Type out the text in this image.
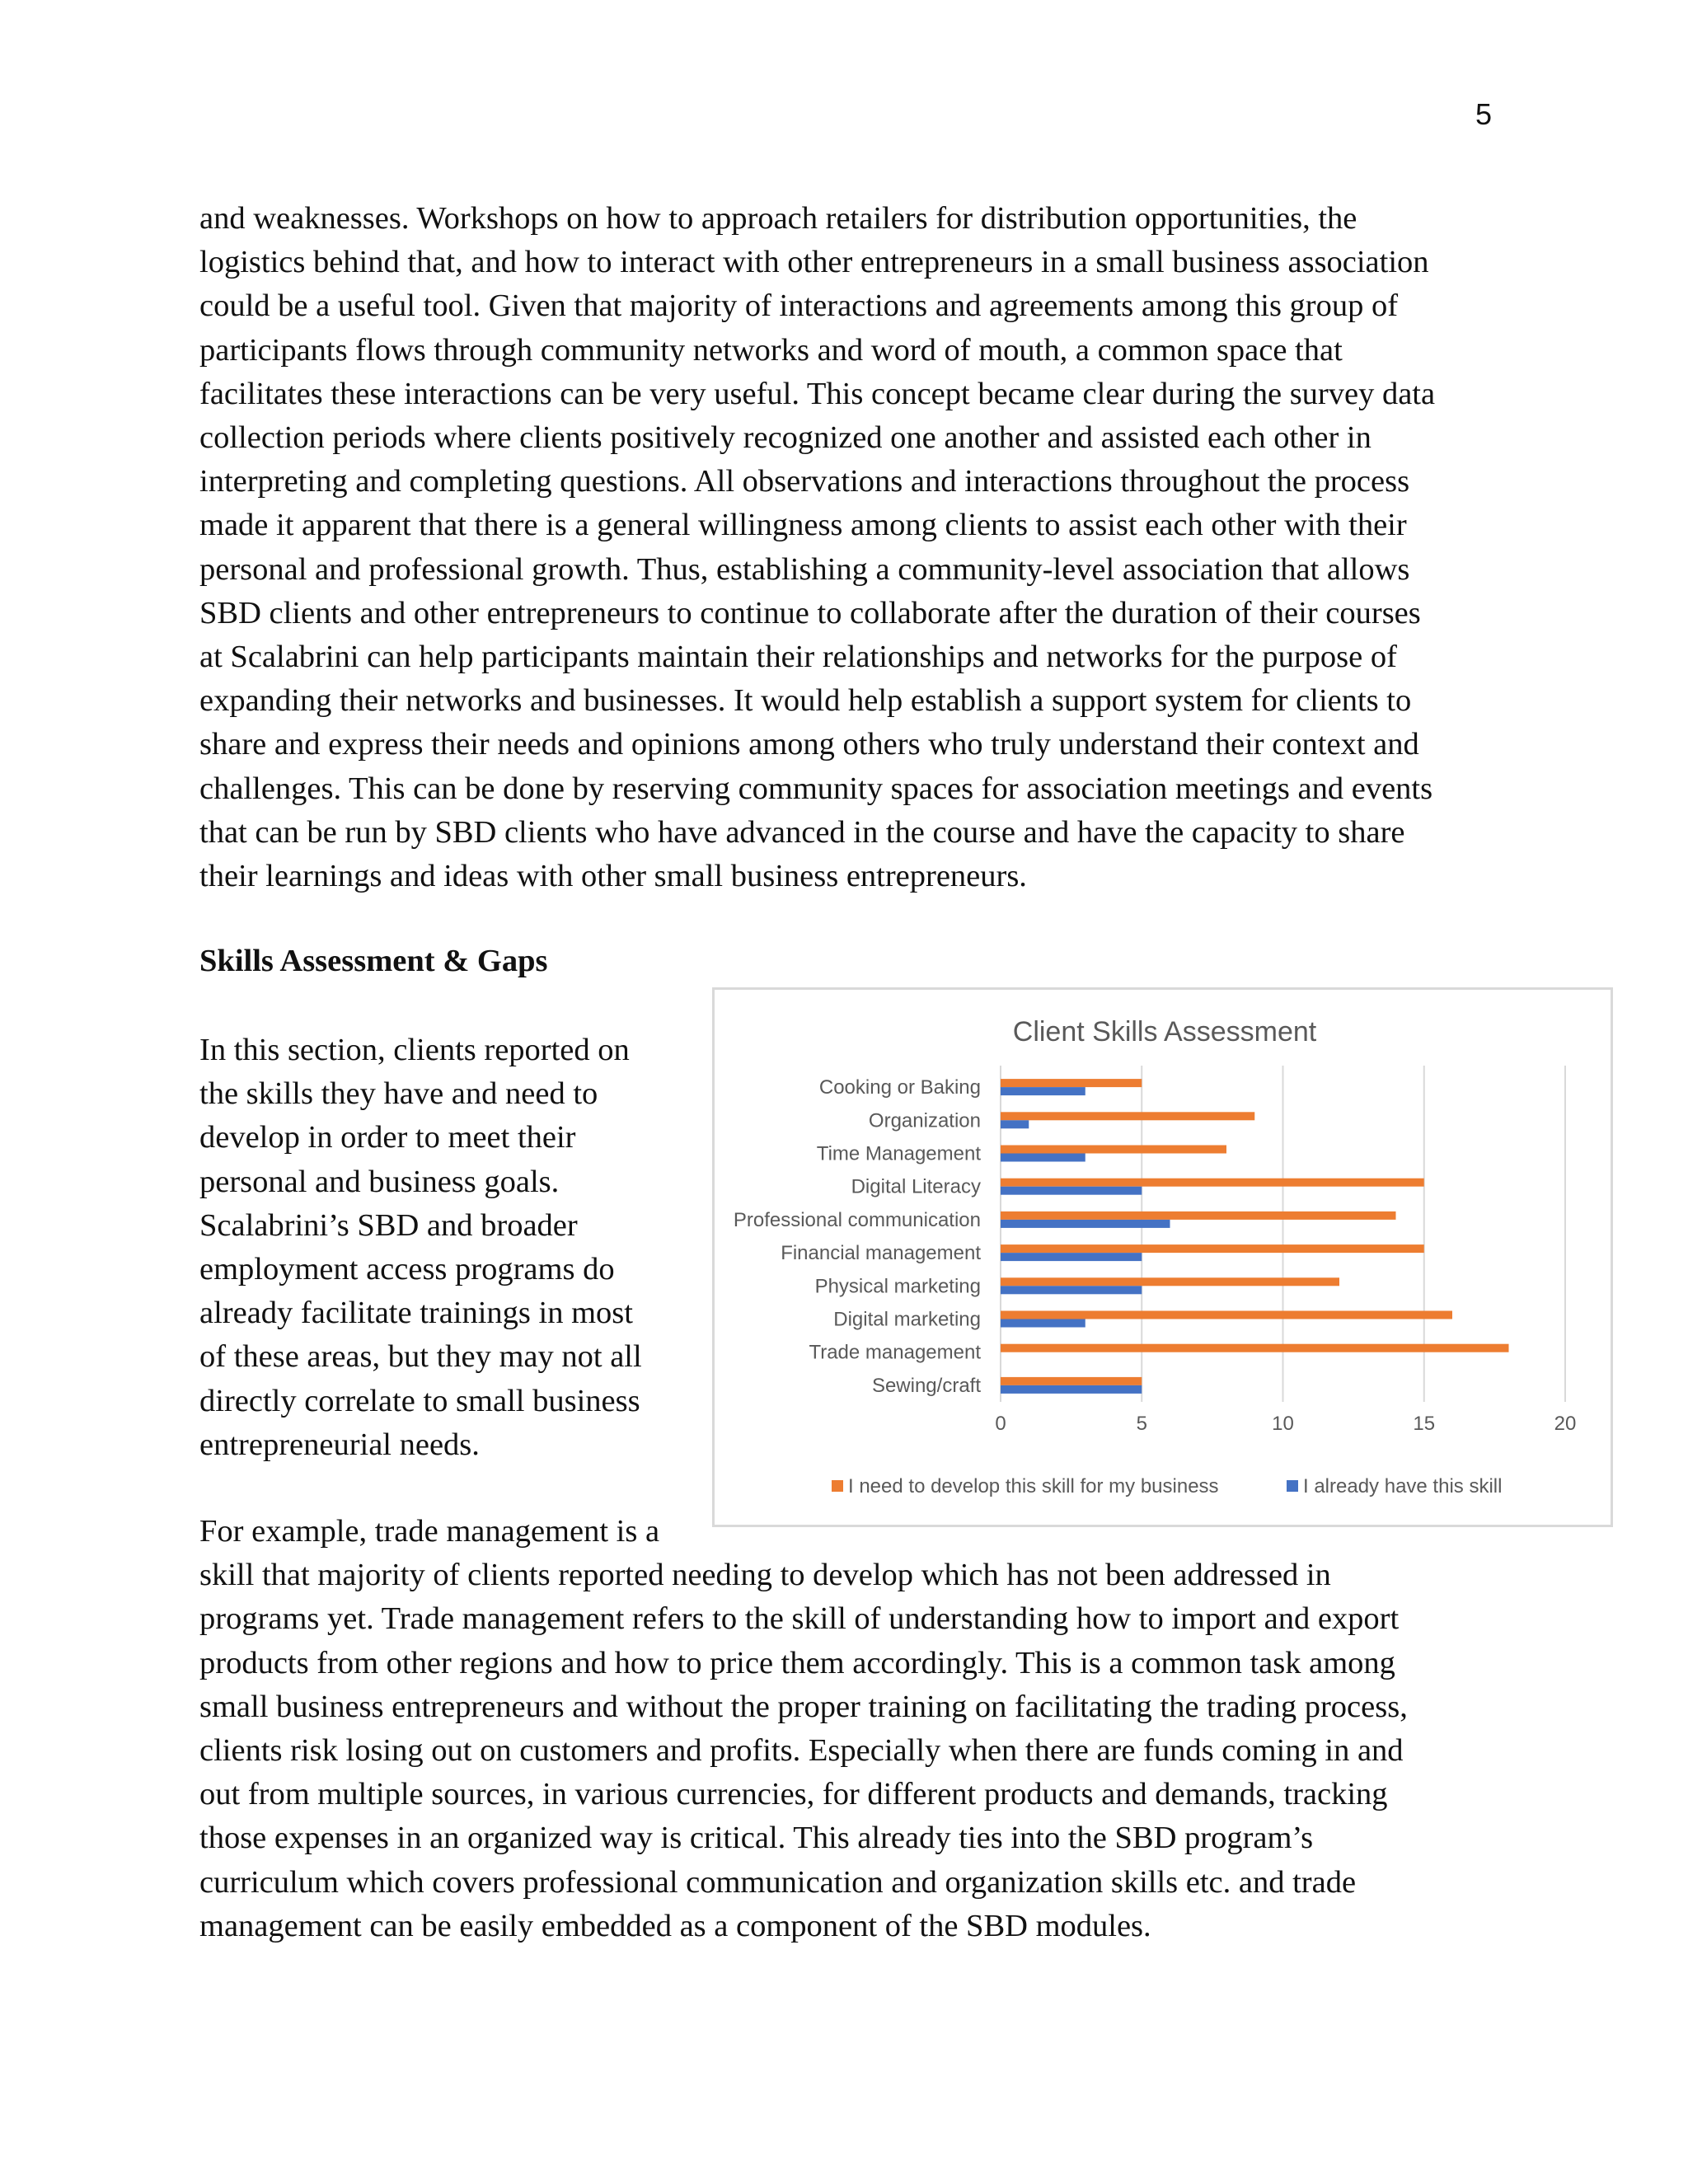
5

and weaknesses. Workshops on how to approach retailers for distribution opportunities, the

logistics behind that, and how to interact with other entrepreneurs in a small business association

could be a useful tool. Given that majority of interactions and agreements among this group of

participants flows through community networks and word of mouth, a common space that

facilitates these interactions can be very useful. This concept became clear during the survey data

collection periods where clients positively recognized one another and assisted each other in

interpreting and completing questions. All observations and interactions throughout the process

made it apparent that there is a general willingness among clients to assist each other with their

personal and professional growth. Thus, establishing a community-level association that allows

SBD clients and other entrepreneurs to continue to collaborate after the duration of their courses

at Scalabrini can help participants maintain their relationships and networks for the purpose of

expanding their networks and businesses. It would help establish a support system for clients to

share and express their needs and opinions among others who truly understand their context and

challenges. This can be done by reserving community spaces for association meetings and events

that can be run by SBD clients who have advanced in the course and have the capacity to share

their learnings and ideas with other small business entrepreneurs.

Skills Assessment & Gaps

In this section, clients reported on

the skills they have and need to

develop in order to meet their

personal and business goals.

Scalabrini’s SBD and broader

employment access programs do

already facilitate trainings in most

of these areas, but they may not all

directly correlate to small business

entrepreneurial needs.

For example, trade management is a

skill that majority of clients reported needing to develop which has not been addressed in

programs yet. Trade management refers to the skill of understanding how to import and export

products from other regions and how to price them accordingly. This is a common task among

small business entrepreneurs and without the proper training on facilitating the trading process,

clients risk losing out on customers and profits. Especially when there are funds coming in and

out from multiple sources, in various currencies, for different products and demands, tracking

those expenses in an organized way is critical. This already ties into the SBD program’s

curriculum which covers professional communication and organization skills etc. and trade

management can be easily embedded as a component of the SBD modules.

Client Skills Assessment
0	5	10	15	20
Cooking or Baking
Organization
Time Management
Digital Literacy
Professional communication
Financial management
Physical marketing
Digital marketing
Trade management
Sewing/craft
I need to develop this skill for my business	I already have this skill
